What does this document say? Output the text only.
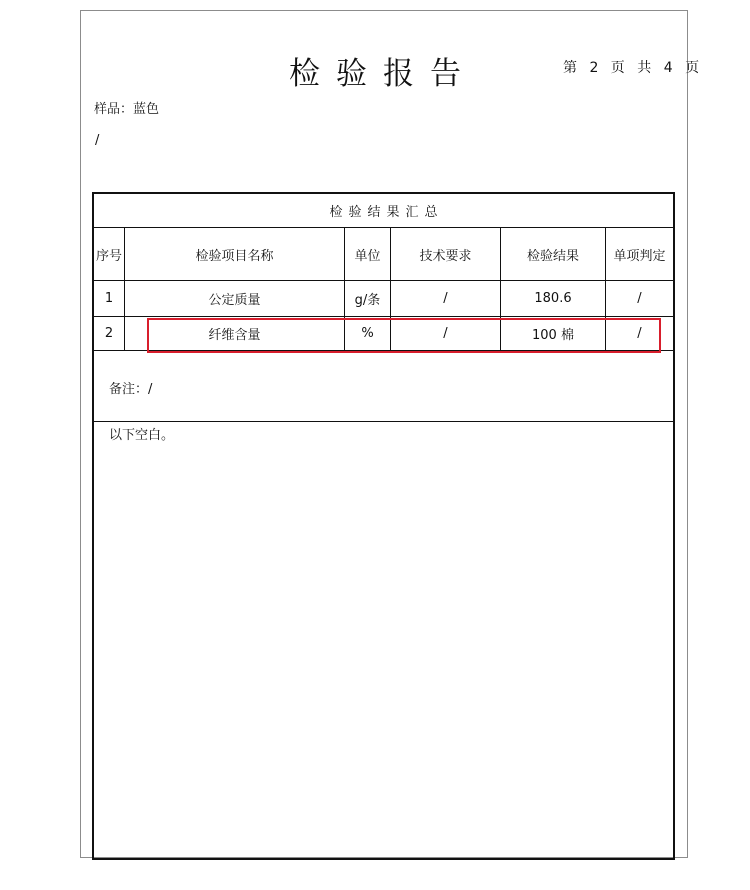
检验报告	第 2 页 共 4 页
样品：蓝色
/
检验结果汇总
序号	检验项目名称	单位	技术要求	检验结果	单项判定
1	公定质量	g/条	/	180.6	/
2	纤维含量	%	/	100 棉	/
备注：/
以下空白。
